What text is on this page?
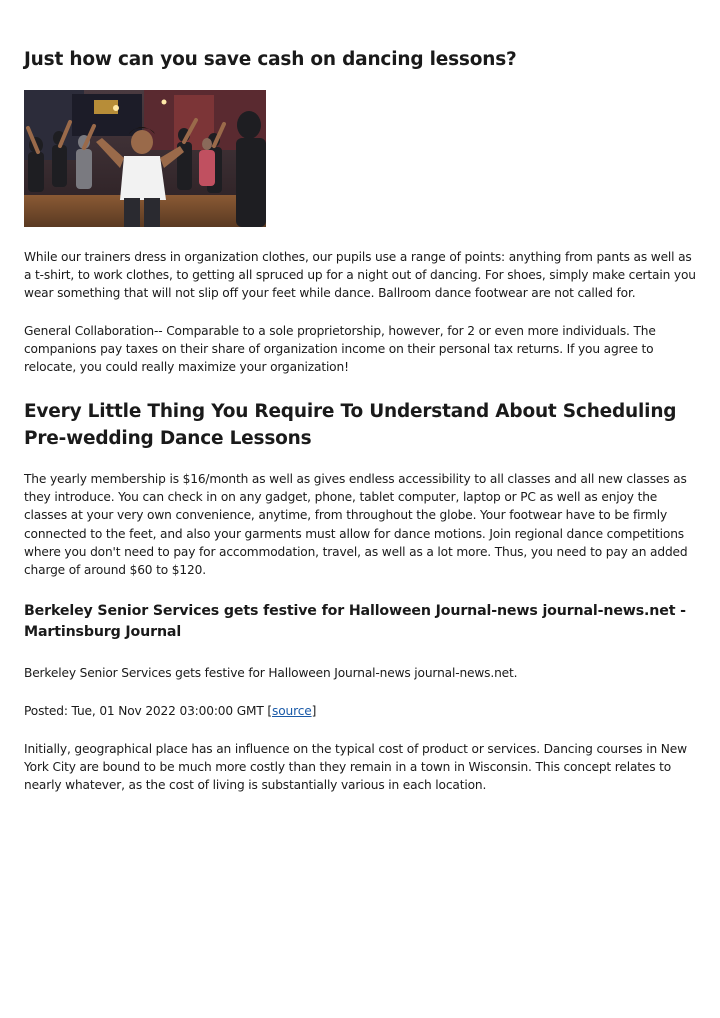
Just how can you save cash on dancing lessons?

While our trainers dress in organization clothes, our pupils use a range of points: anything from pants as well as a t-shirt, to work clothes, to getting all spruced up for a night out of dancing. For shoes, simply make certain you wear something that will not slip off your feet while dance. Ballroom dance footwear are not called for.

General Collaboration-- Comparable to a sole proprietorship, however, for 2 or even more individuals. The companions pay taxes on their share of organization income on their personal tax returns. If you agree to relocate, you could really maximize your organization!

Every Little Thing You Require To Understand About Scheduling Pre-wedding Dance Lessons

The yearly membership is $16/month as well as gives endless accessibility to all classes and all new classes as they introduce. You can check in on any gadget, phone, tablet computer, laptop or PC as well as enjoy the classes at your very own convenience, anytime, from throughout the globe. Your footwear have to be firmly connected to the feet, and also your garments must allow for dance motions. Join regional dance competitions where you don't need to pay for accommodation, travel, as well as a lot more. Thus, you need to pay an added charge of around $60 to $120.

Berkeley Senior Services gets festive for Halloween Journal-news journal-news.net - Martinsburg Journal

Berkeley Senior Services gets festive for Halloween Journal-news journal-news.net.

Posted: Tue, 01 Nov 2022 03:00:00 GMT [source]

Initially, geographical place has an influence on the typical cost of product or services. Dancing courses in New York City are bound to be much more costly than they remain in a town in Wisconsin. This concept relates to nearly whatever, as the cost of living is substantially various in each location.
